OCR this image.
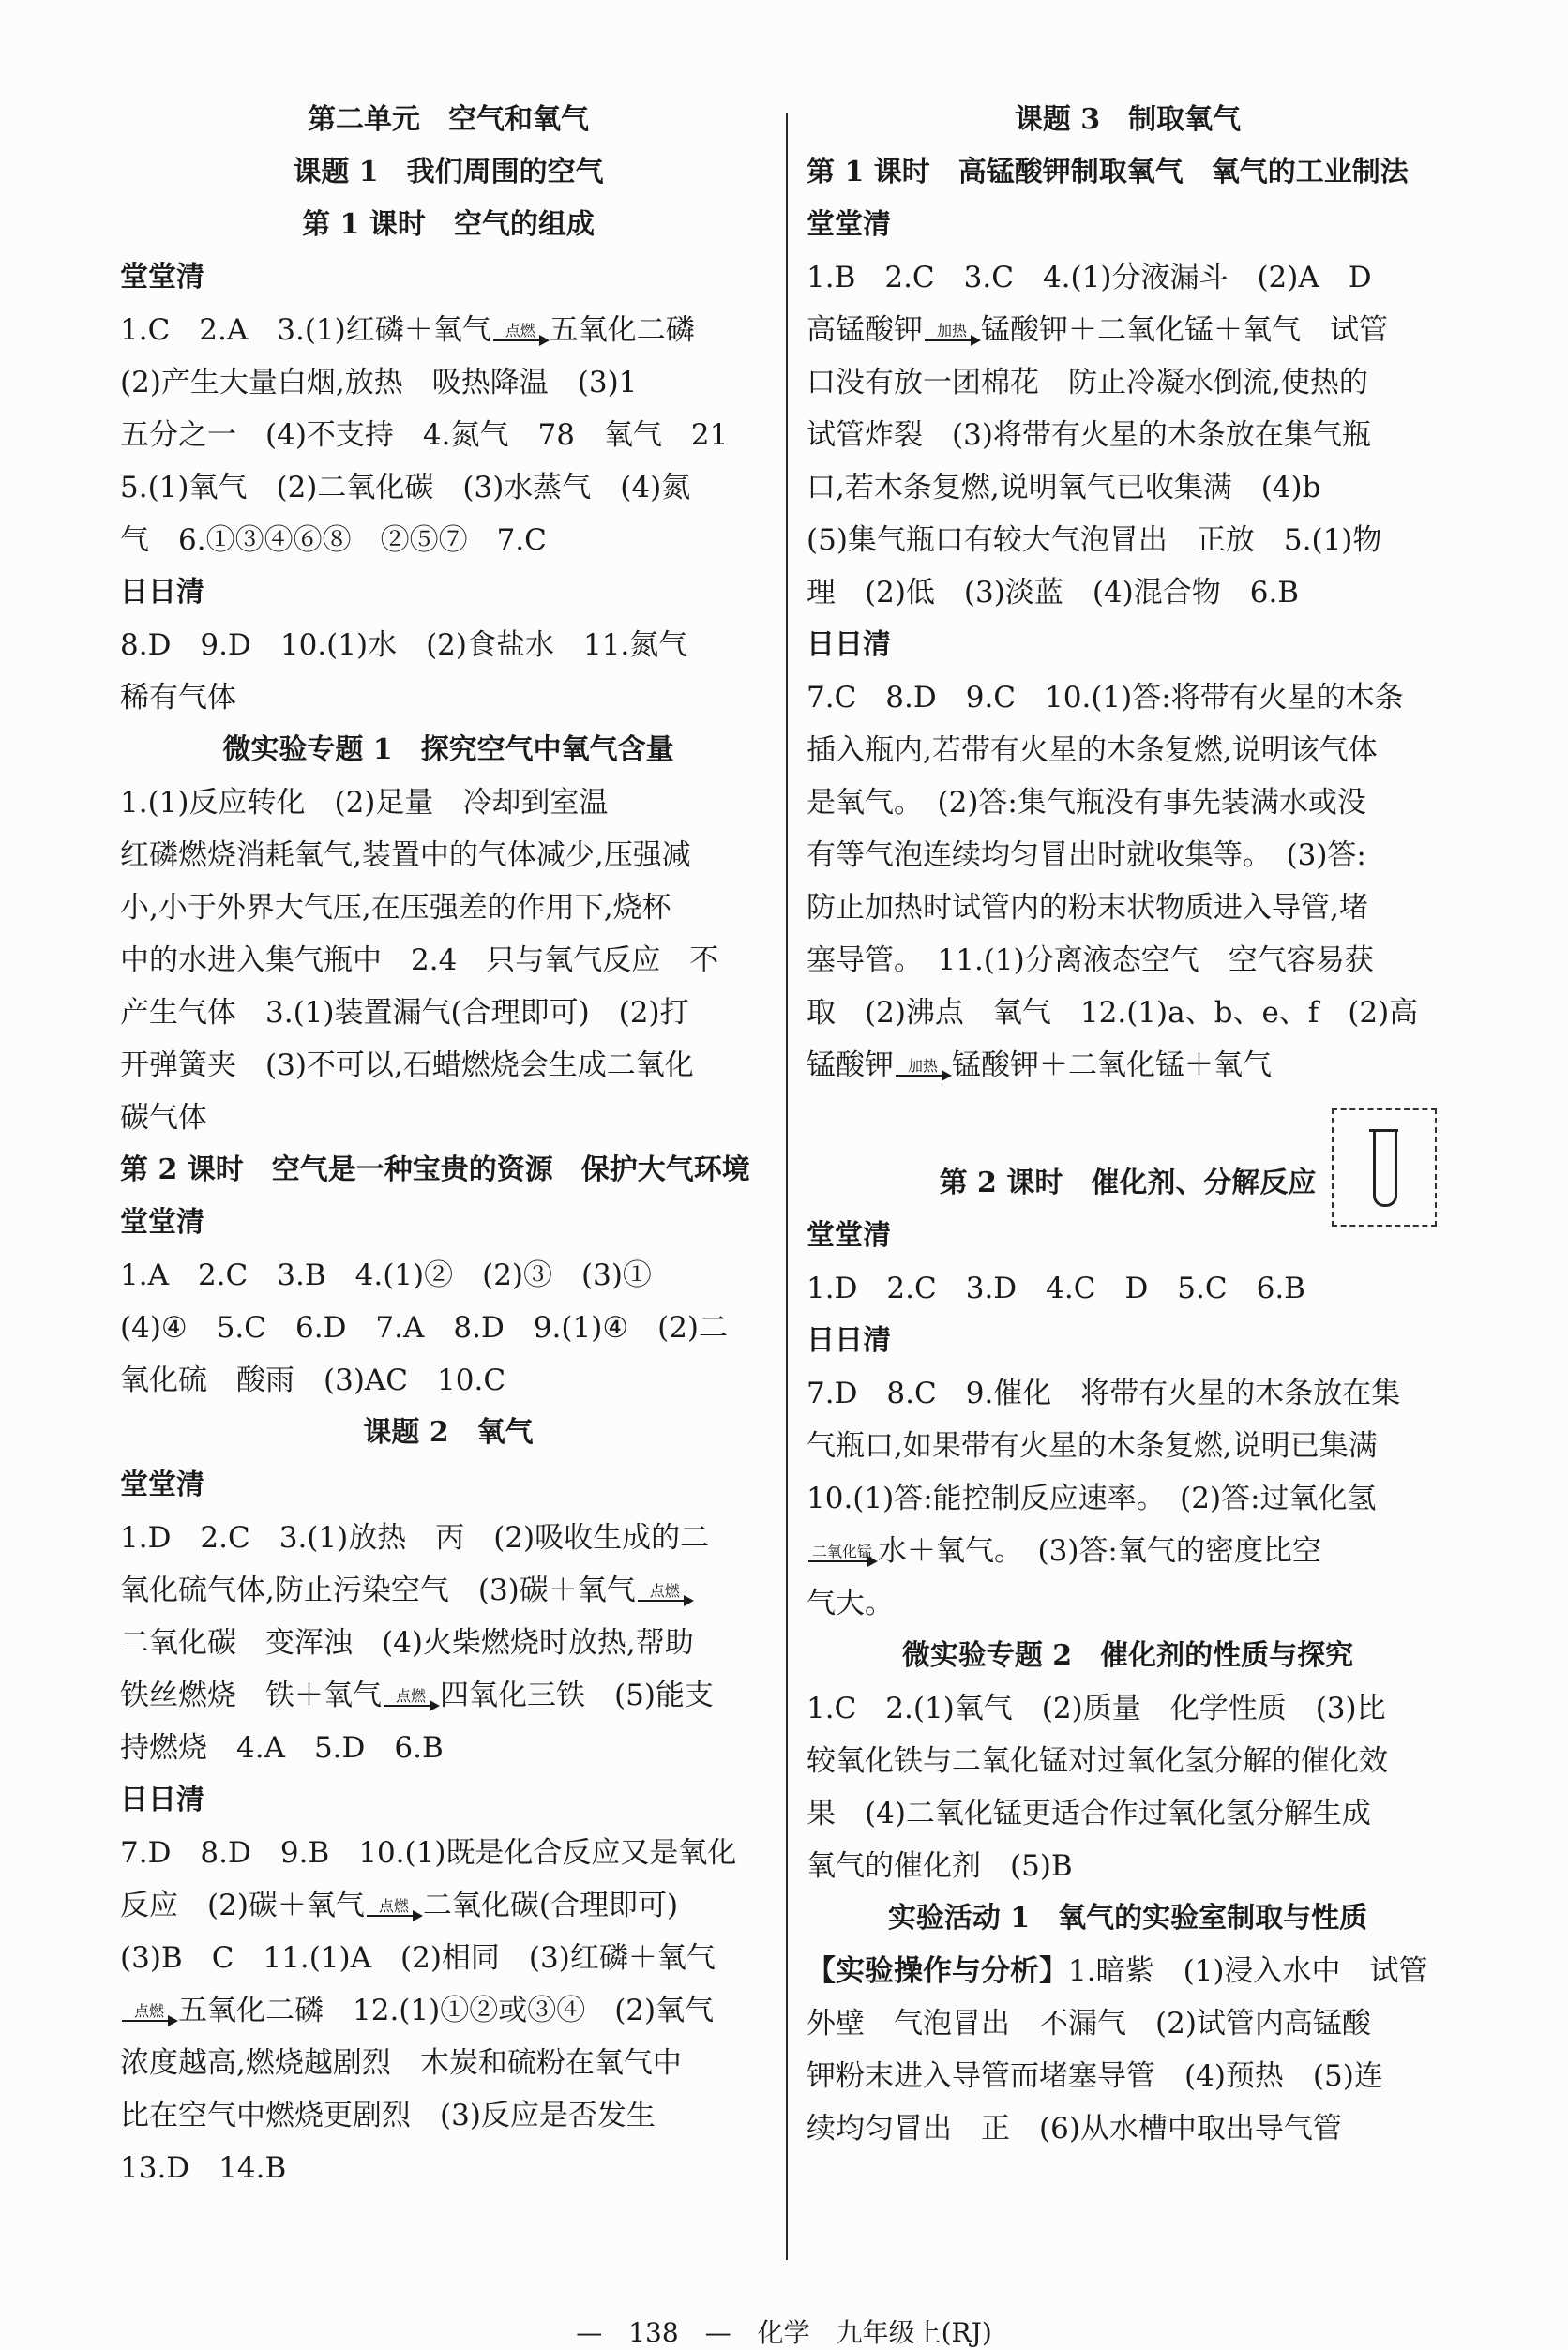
第二单元　空气和氧气

课题 1　我们周围的空气

第 1 课时　空气的组成

堂堂清

1.C　2.A　3.(1)红磷＋氧气 点燃 五氧化二磷

(2)产生大量白烟,放热　吸热降温　(3)1

五分之一　(4)不支持　4.氮气　78　氧气　21

5.(1)氧气　(2)二氧化碳　(3)水蒸气　(4)氮

气　6.①③④⑥⑧　②⑤⑦　7.C

日日清

8.D　9.D　10.(1)水　(2)食盐水　11.氮气

稀有气体

微实验专题 1　探究空气中氧气含量

1.(1)反应转化　(2)足量　冷却到室温

红磷燃烧消耗氧气,装置中的气体减少,压强减

小,小于外界大气压,在压强差的作用下,烧杯

中的水进入集气瓶中　2.4　只与氧气反应　不

产生气体　3.(1)装置漏气(合理即可)　(2)打

开弹簧夹　(3)不可以,石蜡燃烧会生成二氧化

碳气体

第 2 课时　空气是一种宝贵的资源　保护大气环境

堂堂清

1.A　2.C　3.B　4.(1)②　(2)③　(3)①

(4)④　5.C　6.D　7.A　8.D　9.(1)④　(2)二

氧化硫　酸雨　(3)AC　10.C

课题 2　氧气

堂堂清

1.D　2.C　3.(1)放热　丙　(2)吸收生成的二

氧化硫气体,防止污染空气　(3)碳＋氧气 点燃

二氧化碳　变浑浊　(4)火柴燃烧时放热,帮助

铁丝燃烧　铁＋氧气 点燃 四氧化三铁　(5)能支

持燃烧　4.A　5.D　6.B

日日清

7.D　8.D　9.B　10.(1)既是化合反应又是氧化

反应　(2)碳＋氧气 点燃 二氧化碳(合理即可)

(3)B　C　11.(1)A　(2)相同　(3)红磷＋氧气

点燃 五氧化二磷　12.(1)①②或③④　(2)氧气

浓度越高,燃烧越剧烈　木炭和硫粉在氧气中

比在空气中燃烧更剧烈　(3)反应是否发生

13.D　14.B

课题 3　制取氧气

第 1 课时　高锰酸钾制取氧气　氧气的工业制法

堂堂清

1.B　2.C　3.C　4.(1)分液漏斗　(2)A　D

高锰酸钾 加热 锰酸钾＋二氧化锰＋氧气　试管

口没有放一团棉花　防止冷凝水倒流,使热的

试管炸裂　(3)将带有火星的木条放在集气瓶

口,若木条复燃,说明氧气已收集满　(4)b

(5)集气瓶口有较大气泡冒出　正放　5.(1)物

理　(2)低　(3)淡蓝　(4)混合物　6.B

日日清

7.C　8.D　9.C　10.(1)答:将带有火星的木条

插入瓶内,若带有火星的木条复燃,说明该气体

是氧气。　(2)答:集气瓶没有事先装满水或没

有等气泡连续均匀冒出时就收集等。　(3)答:

防止加热时试管内的粉末状物质进入导管,堵

塞导管。　11.(1)分离液态空气　空气容易获

取　(2)沸点　氧气　12.(1)a、b、e、f　(2)高

锰酸钾 加热 锰酸钾＋二氧化锰＋氧气

第 2 课时　催化剂、分解反应

堂堂清

1.D　2.C　3.D　4.C　D　5.C　6.B

日日清

7.D　8.C　9.催化　将带有火星的木条放在集

气瓶口,如果带有火星的木条复燃,说明已集满

10.(1)答:能控制反应速率。　(2)答:过氧化氢

二氧化锰 水＋氧气。　(3)答:氧气的密度比空

气大。

微实验专题 2　催化剂的性质与探究

1.C　2.(1)氧气　(2)质量　化学性质　(3)比

较氧化铁与二氧化锰对过氧化氢分解的催化效

果　(4)二氧化锰更适合作过氧化氢分解生成

氧气的催化剂　(5)B

实验活动 1　氧气的实验室制取与性质

【实验操作与分析】1.暗紫　(1)浸入水中　试管

外壁　气泡冒出　不漏气　(2)试管内高锰酸

钾粉末进入导管而堵塞导管　(4)预热　(5)连

续均匀冒出　正　(6)从水槽中取出导气管

—　138　—　化学　九年级上(RJ)
